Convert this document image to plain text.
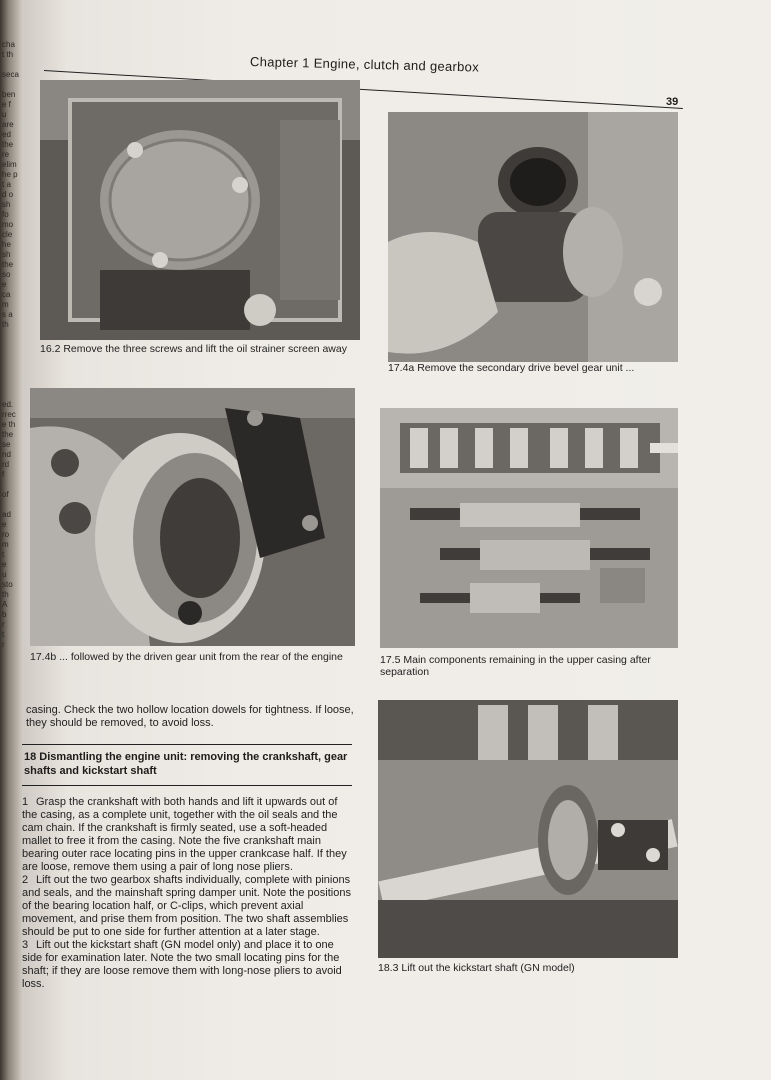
cha
t th

seca

ben
e f
u
are
ed
the
re
elim
he p
t a
d o
sh
fo
mo
cle
he
sh
the
so
e
ca
m
s a
th
ed.
rrec
e th
the
se
nd
rd
f

of

ad
e
ro
m
t
e
u
sto
th
A
b
r
t
r
Chapter 1 Engine, clutch and gearbox
39
16.2 Remove the three screws and lift the oil strainer screen away
17.4a Remove the secondary drive bevel gear unit ...
17.4b ... followed by the driven gear unit from the rear of the engine	17.5 Main components remaining in the upper casing after separation
casing. Check the two hollow location dowels for tightness. If loose, they should be removed, to avoid loss.
18 Dismantling the engine unit: removing the crankshaft, gear shafts and kickstart shaft

1 Grasp the crankshaft with both hands and lift it upwards out of the casing, as a complete unit, together with the oil seals and the cam chain. If the crankshaft is firmly seated, use a soft-headed mallet to free it from the casing. Note the five crankshaft main bearing outer race locating pins in the upper crankcase half. If they are loose, remove them using a pair of long nose pliers.

2 Lift out the two gearbox shafts individually, complete with pinions and seals, and the mainshaft spring damper unit. Note the positions of the bearing location half, or C-clips, which prevent axial movement, and prise them from position. The two shaft assemblies should be put to one side for further attention at a later stage.

3 Lift out the kickstart shaft (GN model only) and place it to one side for examination later. Note the two small locating pins for the shaft; if they are loose remove them with long-nose pliers to avoid loss.

18.3 Lift out the kickstart shaft (GN model)
